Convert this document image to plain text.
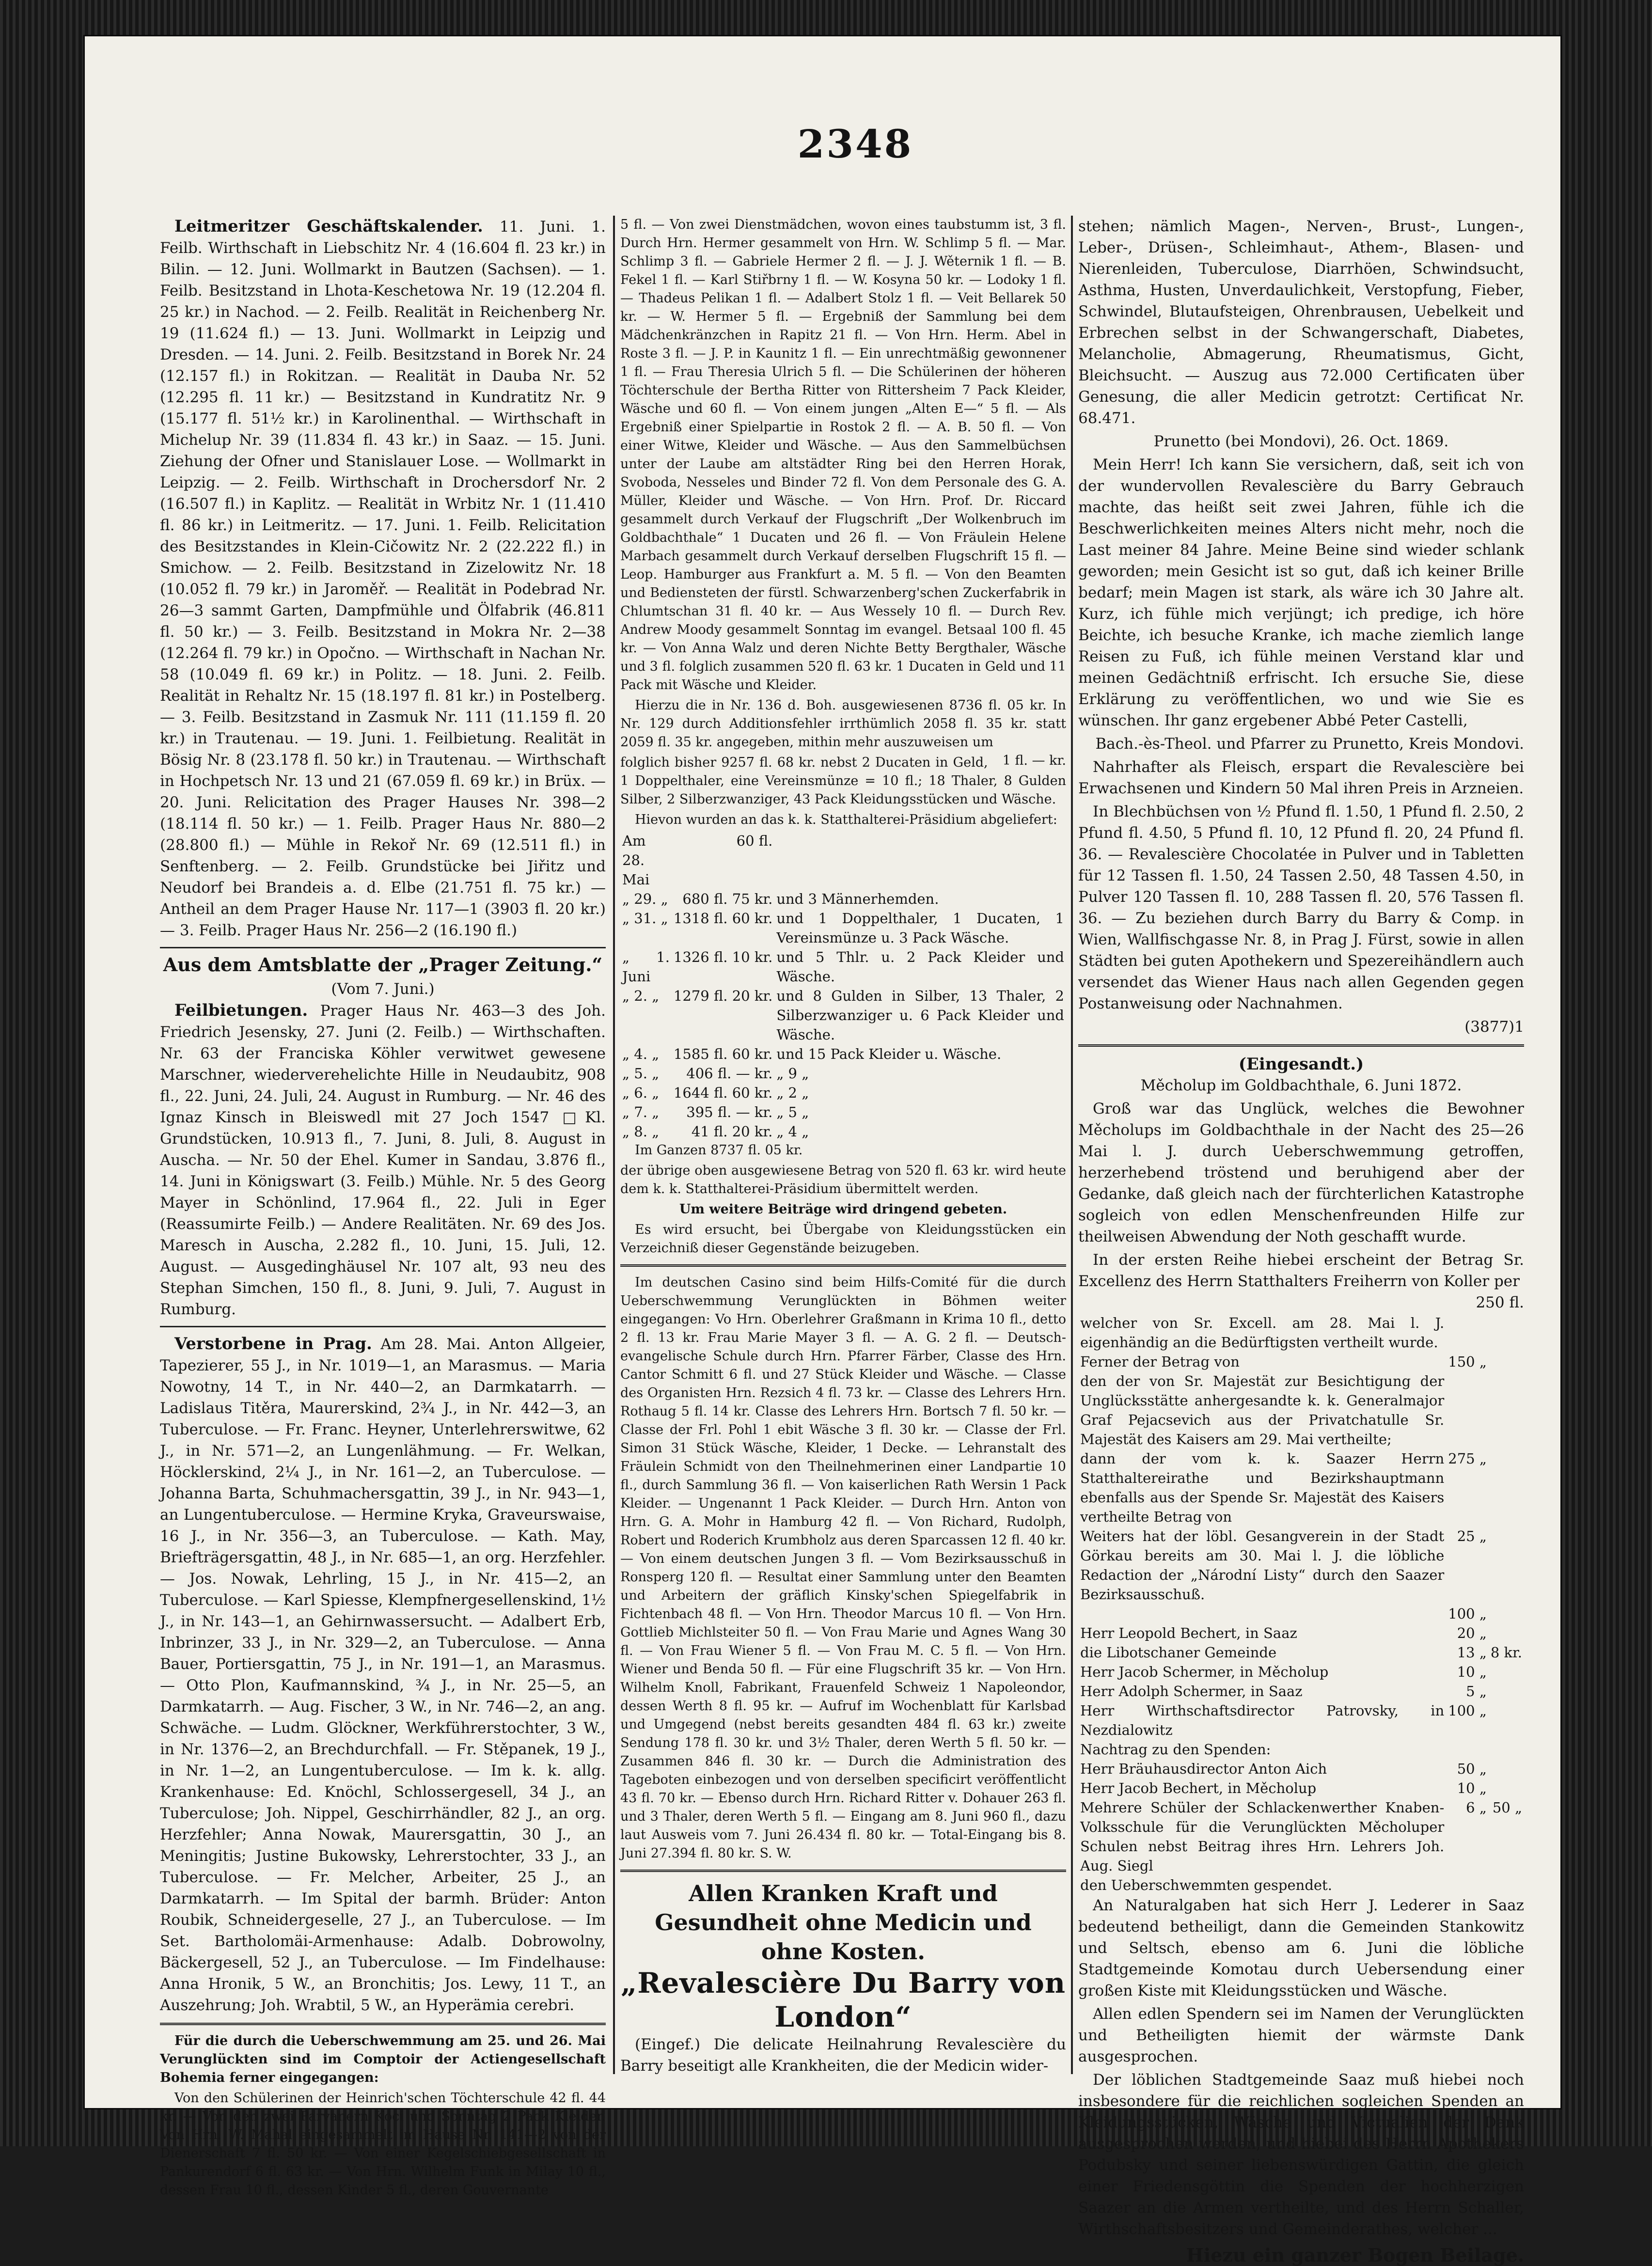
2348

Leitmeritzer Geschäftskalender. 11. Juni. 1. Feilb. Wirthschaft in Liebschitz Nr. 4 (16.604 fl. 23 kr.) in Bilin. — 12. Juni. Wollmarkt in Bautzen (Sachsen). — 1. Feilb. Besitzstand in Lhota-Keschetowa Nr. 19 (12.204 fl. 25 kr.) in Nachod. — 2. Feilb. Realität in Reichenberg Nr. 19 (11.624 fl.) — 13. Juni. Wollmarkt in Leipzig und Dresden. — 14. Juni. 2. Feilb. Besitzstand in Borek Nr. 24 (12.157 fl.) in Rokitzan. — Realität in Dauba Nr. 52 (12.295 fl. 11 kr.) — Besitzstand in Kundratitz Nr. 9 (15.177 fl. 51½ kr.) in Karolinenthal. — Wirthschaft in Michelup Nr. 39 (11.834 fl. 43 kr.) in Saaz. — 15. Juni. Ziehung der Ofner und Stanislauer Lose. — Wollmarkt in Leipzig. — 2. Feilb. Wirthschaft in Drochersdorf Nr. 2 (16.507 fl.) in Kaplitz. — Realität in Wrbitz Nr. 1 (11.410 fl. 86 kr.) in Leitmeritz. — 17. Juni. 1. Feilb. Relicitation des Besitzstandes in Klein-Cičowitz Nr. 2 (22.222 fl.) in Smichow. — 2. Feilb. Besitzstand in Zizelowitz Nr. 18 (10.052 fl. 79 kr.) in Jaroměř. — Realität in Podebrad Nr. 26—3 sammt Garten, Dampfmühle und Ölfabrik (46.811 fl. 50 kr.) — 3. Feilb. Besitzstand in Mokra Nr. 2—38 (12.264 fl. 79 kr.) in Opočno. — Wirthschaft in Nachan Nr. 58 (10.049 fl. 69 kr.) in Politz. — 18. Juni. 2. Feilb. Realität in Rehaltz Nr. 15 (18.197 fl. 81 kr.) in Postelberg. — 3. Feilb. Besitzstand in Zasmuk Nr. 111 (11.159 fl. 20 kr.) in Trautenau. — 19. Juni. 1. Feilbietung. Realität in Bösig Nr. 8 (23.178 fl. 50 kr.) in Trautenau. — Wirthschaft in Hochpetsch Nr. 13 und 21 (67.059 fl. 69 kr.) in Brüx. — 20. Juni. Relicitation des Prager Hauses Nr. 398—2 (18.114 fl. 50 kr.) — 1. Feilb. Prager Haus Nr. 880—2 (28.800 fl.) — Mühle in Rekoř Nr. 69 (12.511 fl.) in Senftenberg. — 2. Feilb. Grundstücke bei Jiřitz und Neudorf bei Brandeis a. d. Elbe (21.751 fl. 75 kr.) — Antheil an dem Prager Hause Nr. 117—1 (3903 fl. 20 kr.) — 3. Feilb. Prager Haus Nr. 256—2 (16.190 fl.)

Aus dem Amtsblatte der „Prager Zeitung.“
(Vom 7. Juni.)

Feilbietungen. Prager Haus Nr. 463—3 des Joh. Friedrich Jesensky, 27. Juni (2. Feilb.) — Wirthschaften. Nr. 63 der Franciska Köhler verwitwet gewesene Marschner, wiederverehelichte Hille in Neudaubitz, 908 fl., 22. Juni, 24. Juli, 24. August in Rumburg. — Nr. 46 des Ignaz Kinsch in Bleiswedl mit 27 Joch 1547 □Kl. Grundstücken, 10.913 fl., 7. Juni, 8. Juli, 8. August in Auscha. — Nr. 50 der Ehel. Kumer in Sandau, 3.876 fl., 14. Juni in Königswart (3. Feilb.) Mühle. Nr. 5 des Georg Mayer in Schönlind, 17.964 fl., 22. Juli in Eger (Reassumirte Feilb.) — Andere Realitäten. Nr. 69 des Jos. Maresch in Auscha, 2.282 fl., 10. Juni, 15. Juli, 12. August. — Ausgedinghäusel Nr. 107 alt, 93 neu des Stephan Simchen, 150 fl., 8. Juni, 9. Juli, 7. August in Rumburg.

Verstorbene in Prag. Am 28. Mai. Anton Allgeier, Tapezierer, 55 J., in Nr. 1019—1, an Marasmus. — Maria Nowotny, 14 T., in Nr. 440—2, an Darmkatarrh. — Ladislaus Titěra, Maurerskind, 2¾ J., in Nr. 442—3, an Tuberculose. — Fr. Franc. Heyner, Unterlehrerswitwe, 62 J., in Nr. 571—2, an Lungenlähmung. — Fr. Welkan, Höcklerskind, 2¼ J., in Nr. 161—2, an Tuberculose. — Johanna Barta, Schuhmachersgattin, 39 J., in Nr. 943—1, an Lungentuberculose. — Hermine Kryka, Graveurswaise, 16 J., in Nr. 356—3, an Tuberculose. — Kath. May, Briefträgersgattin, 48 J., in Nr. 685—1, an org. Herzfehler. — Jos. Nowak, Lehrling, 15 J., in Nr. 415—2, an Tuberculose. — Karl Spiesse, Klempfnergesellenskind, 1½ J., in Nr. 143—1, an Gehirnwassersucht. — Adalbert Erb, Inbrinzer, 33 J., in Nr. 329—2, an Tuberculose. — Anna Bauer, Portiersgattin, 75 J., in Nr. 191—1, an Marasmus. — Otto Plon, Kaufmannskind, ¾ J., in Nr. 25—5, an Darmkatarrh. — Aug. Fischer, 3 W., in Nr. 746—2, an ang. Schwäche. — Ludm. Glöckner, Werkführerstochter, 3 W., in Nr. 1376—2, an Brechdurchfall. — Fr. Stěpanek, 19 J., in Nr. 1—2, an Lungentuberculose. — Im k. k. allg. Krankenhause: Ed. Knöchl, Schlossergesell, 34 J., an Tuberculose; Joh. Nippel, Geschirrhändler, 82 J., an org. Herzfehler; Anna Nowak, Maurersgattin, 30 J., an Meningitis; Justine Bukowsky, Lehrerstochter, 33 J., an Tuberculose. — Fr. Melcher, Arbeiter, 25 J., an Darmkatarrh. — Im Spital der barmh. Brüder: Anton Roubik, Schneidergeselle, 27 J., an Tuberculose. — Im Set. Bartholomäi-Armenhause: Adalb. Dobrowolny, Bäckergesell, 52 J., an Tuberculose. — Im Findelhause: Anna Hronik, 5 W., an Bronchitis; Jos. Lewy, 11 T., an Auszehrung; Joh. Wrabtil, 5 W., an Hyperämia cerebri.

Für die durch die Ueberschwemmung am 25. und 26. Mai Verunglückten sind im Comptoir der Actiengesellschaft Bohemia ferner eingegangen:

Von den Schülerinen der Heinrich'schen Töchterschule 42 fl. 44 kr. — Von den zwei Parvanern Koci und Sonntag 2 Pack Kleider. Von Hrn. W. Mahal eingesammelt im Hause Nr. 141—2 von der Dienerschaft 7 fl. 50 kr. — Von einer Kegelschiebgesellschaft in Pankurendorf 6 fl. 63 kr. — Von Hrn. Wilhelm Funk in Milay 10 fl., dessen Frau 10 fl., dessen Kinder 5 fl., deren Gouvernante

5 fl. — Von zwei Dienstmädchen, wovon eines taubstumm ist, 3 fl. Durch Hrn. Hermer gesammelt von Hrn. W. Schlimp 5 fl. — Mar. Schlimp 3 fl. — Gabriele Hermer 2 fl. — J. J. Wěternik 1 fl. — B. Fekel 1 fl. — Karl Stiřbrny 1 fl. — W. Kosyna 50 kr. — Lodoky 1 fl. — Thadeus Pelikan 1 fl. — Adalbert Stolz 1 fl. — Veit Bellarek 50 kr. — W. Hermer 5 fl. — Ergebniß der Sammlung bei dem Mädchenkränzchen in Rapitz 21 fl. — Von Hrn. Herm. Abel in Roste 3 fl. — J. P. in Kaunitz 1 fl. — Ein unrechtmäßig gewonnener 1 fl. — Frau Theresia Ulrich 5 fl. — Die Schülerinen der höheren Töchterschule der Bertha Ritter von Rittersheim 7 Pack Kleider, Wäsche und 60 fl. — Von einem jungen „Alten E—“ 5 fl. — Als Ergebniß einer Spielpartie in Rostok 2 fl. — A. B. 50 fl. — Von einer Witwe, Kleider und Wäsche. — Aus den Sammelbüchsen unter der Laube am altstädter Ring bei den Herren Horak, Svoboda, Nesseles und Binder 72 fl. Von dem Personale des G. A. Müller, Kleider und Wäsche. — Von Hrn. Prof. Dr. Riccard gesammelt durch Verkauf der Flugschrift „Der Wolkenbruch im Goldbachthale“ 1 Ducaten und 26 fl. — Von Fräulein Helene Marbach gesammelt durch Verkauf derselben Flugschrift 15 fl. — Leop. Hamburger aus Frankfurt a. M. 5 fl. — Von den Beamten und Bediensteten der fürstl. Schwarzenberg'schen Zuckerfabrik in Chlumtschan 31 fl. 40 kr. — Aus Wessely 10 fl. — Durch Rev. Andrew Moody gesammelt Sonntag im evangel. Betsaal 100 fl. 45 kr. — Von Anna Walz und deren Nichte Betty Bergthaler, Wäsche und 3 fl. folglich zusammen 520 fl. 63 kr. 1 Ducaten in Geld und 11 Pack mit Wäsche und Kleider.

Hierzu die in Nr. 136 d. Boh. ausgewiesenen 8736 fl. 05 kr. In Nr. 129 durch Additionsfehler irrthümlich 2058 fl. 35 kr. statt 2059 fl. 35 kr. angegeben, mithin mehr auszuweisen um
1 fl. — kr.

folglich bisher 9257 fl. 68 kr. nebst 2 Ducaten in Geld, 1 Doppelthaler, eine Vereinsmünze = 10 fl.; 18 Thaler, 8 Gulden Silber, 2 Silberzwanziger, 43 Pack Kleidungsstücken und Wäsche.

Hievon wurden an das k. k. Statthalterei-Präsidium abgeliefert:

Am 28. Mai	60 fl.	
„ 29. „	680 fl. 75 kr.	und 3 Männerhemden.
„ 31. „	1318 fl. 60 kr.	und 1 Doppelthaler, 1 Ducaten, 1 Vereinsmünze u. 3 Pack Wäsche.
„ 1. Juni	1326 fl. 10 kr.	und 5 Thlr. u. 2 Pack Kleider und Wäsche.
„ 2. „	1279 fl. 20 kr.	und 8 Gulden in Silber, 13 Thaler, 2 Silberzwanziger u. 6 Pack Kleider und Wäsche.
„ 4. „	1585 fl. 60 kr.	und 15 Pack Kleider u. Wäsche.
„ 5. „	406 fl. — kr.	„ 9 „
„ 6. „	1644 fl. 60 kr.	„ 2 „
„ 7. „	395 fl. — kr.	„ 5 „
„ 8. „	41 fl. 20 kr.	„ 4 „

Im Ganzen 8737 fl. 05 kr.

der übrige oben ausgewiesene Betrag von 520 fl. 63 kr. wird heute dem k. k. Statthalterei-Präsidium übermittelt werden.

Um weitere Beiträge wird dringend gebeten.

Es wird ersucht, bei Übergabe von Kleidungsstücken ein Verzeichniß dieser Gegenstände beizugeben.

Im deutschen Casino sind beim Hilfs-Comité für die durch Ueberschwemmung Verunglückten in Böhmen weiter eingegangen: Vo Hrn. Oberlehrer Graßmann in Krima 10 fl., detto 2 fl. 13 kr. Frau Marie Mayer 3 fl. — A. G. 2 fl. — Deutsch-evangelische Schule durch Hrn. Pfarrer Färber, Classe des Hrn. Cantor Schmitt 6 fl. und 27 Stück Kleider und Wäsche. — Classe des Organisten Hrn. Rezsich 4 fl. 73 kr. — Classe des Lehrers Hrn. Rothaug 5 fl. 14 kr. Classe des Lehrers Hrn. Bortsch 7 fl. 50 kr. — Classe der Frl. Pohl 1 ebit Wäsche 3 fl. 30 kr. — Classe der Frl. Simon 31 Stück Wäsche, Kleider, 1 Decke. — Lehranstalt des Fräulein Schmidt von den Theilnehmerinen einer Landpartie 10 fl., durch Sammlung 36 fl. — Von kaiserlichen Rath Wersin 1 Pack Kleider. — Ungenannt 1 Pack Kleider. — Durch Hrn. Anton von Hrn. G. A. Mohr in Hamburg 42 fl. — Von Richard, Rudolph, Robert und Roderich Krumbholz aus deren Sparcassen 12 fl. 40 kr. — Von einem deutschen Jungen 3 fl. — Vom Bezirksausschuß in Ronsperg 120 fl. — Resultat einer Sammlung unter den Beamten und Arbeitern der gräflich Kinsky'schen Spiegelfabrik in Fichtenbach 48 fl. — Von Hrn. Theodor Marcus 10 fl. — Von Hrn. Gottlieb Michlsteiter 50 fl. — Von Frau Marie und Agnes Wang 30 fl. — Von Frau Wiener 5 fl. — Von Frau M. C. 5 fl. — Von Hrn. Wiener und Benda 50 fl. — Für eine Flugschrift 35 kr. — Von Hrn. Wilhelm Knoll, Fabrikant, Frauenfeld Schweiz 1 Napoleondor, dessen Werth 8 fl. 95 kr. — Aufruf im Wochenblatt für Karlsbad und Umgegend (nebst bereits gesandten 484 fl. 63 kr.) zweite Sendung 178 fl. 30 kr. und 3½ Thaler, deren Werth 5 fl. 50 kr. — Zusammen 846 fl. 30 kr. — Durch die Administration des Tageboten einbezogen und von derselben specificirt veröffentlicht 43 fl. 70 kr. — Ebenso durch Hrn. Richard Ritter v. Dohauer 263 fl. und 3 Thaler, deren Werth 5 fl. — Eingang am 8. Juni 960 fl., dazu laut Ausweis vom 7. Juni 26.434 fl. 80 kr. — Total-Eingang bis 8. Juni 27.394 fl. 80 kr. S. W.

Allen Kranken Kraft und Gesundheit ohne Medicin und ohne Kosten.
„Revalescière Du Barry von London“

(Eingef.) Die delicate Heilnahrung Revalescière du Barry beseitigt alle Krankheiten, die der Medicin wider-

stehen; nämlich Magen-, Nerven-, Brust-, Lungen-, Leber-, Drüsen-, Schleimhaut-, Athem-, Blasen- und Nierenleiden, Tuberculose, Diarrhöen, Schwindsucht, Asthma, Husten, Unverdaulichkeit, Verstopfung, Fieber, Schwindel, Blutaufsteigen, Ohrenbrausen, Uebelkeit und Erbrechen selbst in der Schwangerschaft, Diabetes, Melancholie, Abmagerung, Rheumatismus, Gicht, Bleichsucht. — Auszug aus 72.000 Certificaten über Genesung, die aller Medicin getrotzt: Certificat Nr. 68.471.

Prunetto (bei Mondovi), 26. Oct. 1869.

Mein Herr! Ich kann Sie versichern, daß, seit ich von der wundervollen Revalescière du Barry Gebrauch machte, das heißt seit zwei Jahren, fühle ich die Beschwerlichkeiten meines Alters nicht mehr, noch die Last meiner 84 Jahre. Meine Beine sind wieder schlank geworden; mein Gesicht ist so gut, daß ich keiner Brille bedarf; mein Magen ist stark, als wäre ich 30 Jahre alt. Kurz, ich fühle mich verjüngt; ich predige, ich höre Beichte, ich besuche Kranke, ich mache ziemlich lange Reisen zu Fuß, ich fühle meinen Verstand klar und meinen Gedächtniß erfrischt. Ich ersuche Sie, diese Erklärung zu veröffentlichen, wo und wie Sie es wünschen. Ihr ganz ergebener Abbé Peter Castelli,

Bach.-ès-Theol. und Pfarrer zu Prunetto, Kreis Mondovi.

Nahrhafter als Fleisch, erspart die Revalescière bei Erwachsenen und Kindern 50 Mal ihren Preis in Arzneien.

In Blechbüchsen von ½ Pfund fl. 1.50, 1 Pfund fl. 2.50, 2 Pfund fl. 4.50, 5 Pfund fl. 10, 12 Pfund fl. 20, 24 Pfund fl. 36. — Revalescière Chocolatée in Pulver und in Tabletten für 12 Tassen fl. 1.50, 24 Tassen 2.50, 48 Tassen 4.50, in Pulver 120 Tassen fl. 10, 288 Tassen fl. 20, 576 Tassen fl. 36. — Zu beziehen durch Barry du Barry & Comp. in Wien, Wallfischgasse Nr. 8, in Prag J. Fürst, sowie in allen Städten bei guten Apothekern und Spezereihändlern auch versendet das Wiener Haus nach allen Gegenden gegen Postanweisung oder Nachnahmen.

(3877)1

(Eingesandt.)

Měcholup im Goldbachthale, 6. Juni 1872.

Groß war das Unglück, welches die Bewohner Měcholups im Goldbachthale in der Nacht des 25—26 Mai l. J. durch Ueberschwemmung getroffen, herzerhebend tröstend und beruhigend aber der Gedanke, daß gleich nach der fürchterlichen Katastrophe sogleich von edlen Menschenfreunden Hilfe zur theilweisen Abwendung der Noth geschafft wurde.

In der ersten Reihe hiebei erscheint der Betrag Sr. Excellenz des Herrn Statthalters Freiherrn von Koller per
250 fl.

welcher von Sr. Excell. am 28. Mai l. J. eigenhändig an die Bedürftigsten vertheilt wurde.		
Ferner der Betrag von	150 „	
den der von Sr. Majestät zur Besichtigung der Unglücksstätte anhergesandte k. k. Generalmajor Graf Pejacsevich aus der Privatchatulle Sr. Majestät des Kaisers am 29. Mai vertheilte;		
dann der vom k. k. Saazer Herrn Statthaltereirathe und Bezirkshauptmann ebenfalls aus der Spende Sr. Majestät des Kaisers vertheilte Betrag von	275 „	
Weiters hat der löbl. Gesangverein in der Stadt Görkau bereits am 30. Mai l. J. die löbliche Redaction der „Národní Listy“ durch den Saazer Bezirksausschuß.	25 „	
	100 „	
Herr Leopold Bechert, in Saaz	20 „	
die Libotschaner Gemeinde	13 „	8 kr.
Herr Jacob Schermer, in Měcholup	10 „	
Herr Adolph Schermer, in Saaz	5 „	
Herr Wirthschaftsdirector Patrovsky, in Nezdialowitz	100 „	
Nachtrag zu den Spenden:		
Herr Bräuhausdirector Anton Aich	50 „	
Herr Jacob Bechert, in Měcholup	10 „	
Mehrere Schüler der Schlackenwerther Knaben-Volksschule für die Verunglückten Měcholuper Schulen nebst Beitrag ihres Hrn. Lehrers Joh. Aug. Siegl	6 „	50 „
den Ueberschwemmten gespendet.		

An Naturalgaben hat sich Herr J. Lederer in Saaz bedeutend betheiligt, dann die Gemeinden Stankowitz und Seltsch, ebenso am 6. Juni die löbliche Stadtgemeinde Komotau durch Uebersendung einer großen Kiste mit Kleidungsstücken und Wäsche.

Allen edlen Spendern sei im Namen der Verunglückten und Betheiligten hiemit der wärmste Dank ausgesprochen.

Der löblichen Stadtgemeinde Saaz muß hiebei noch insbesondere für die reichlichen sogleichen Spenden an Kleidungsstücken, Wäsche und Victualien der Dank ausgesprochen werden, und hiebei des Herrn Apothekers Podubsky und seiner liebenswürdigen Gattin, die gleich einer Friedensgöttin die Spenden der hochherzigen Saazer an die Armen vertheilte, und des Herrn Schaller, Wirthschaftsbesitzers und Gemeinderathes, welcher ...

Hiezu ein ganzer Bogen Beilage.
